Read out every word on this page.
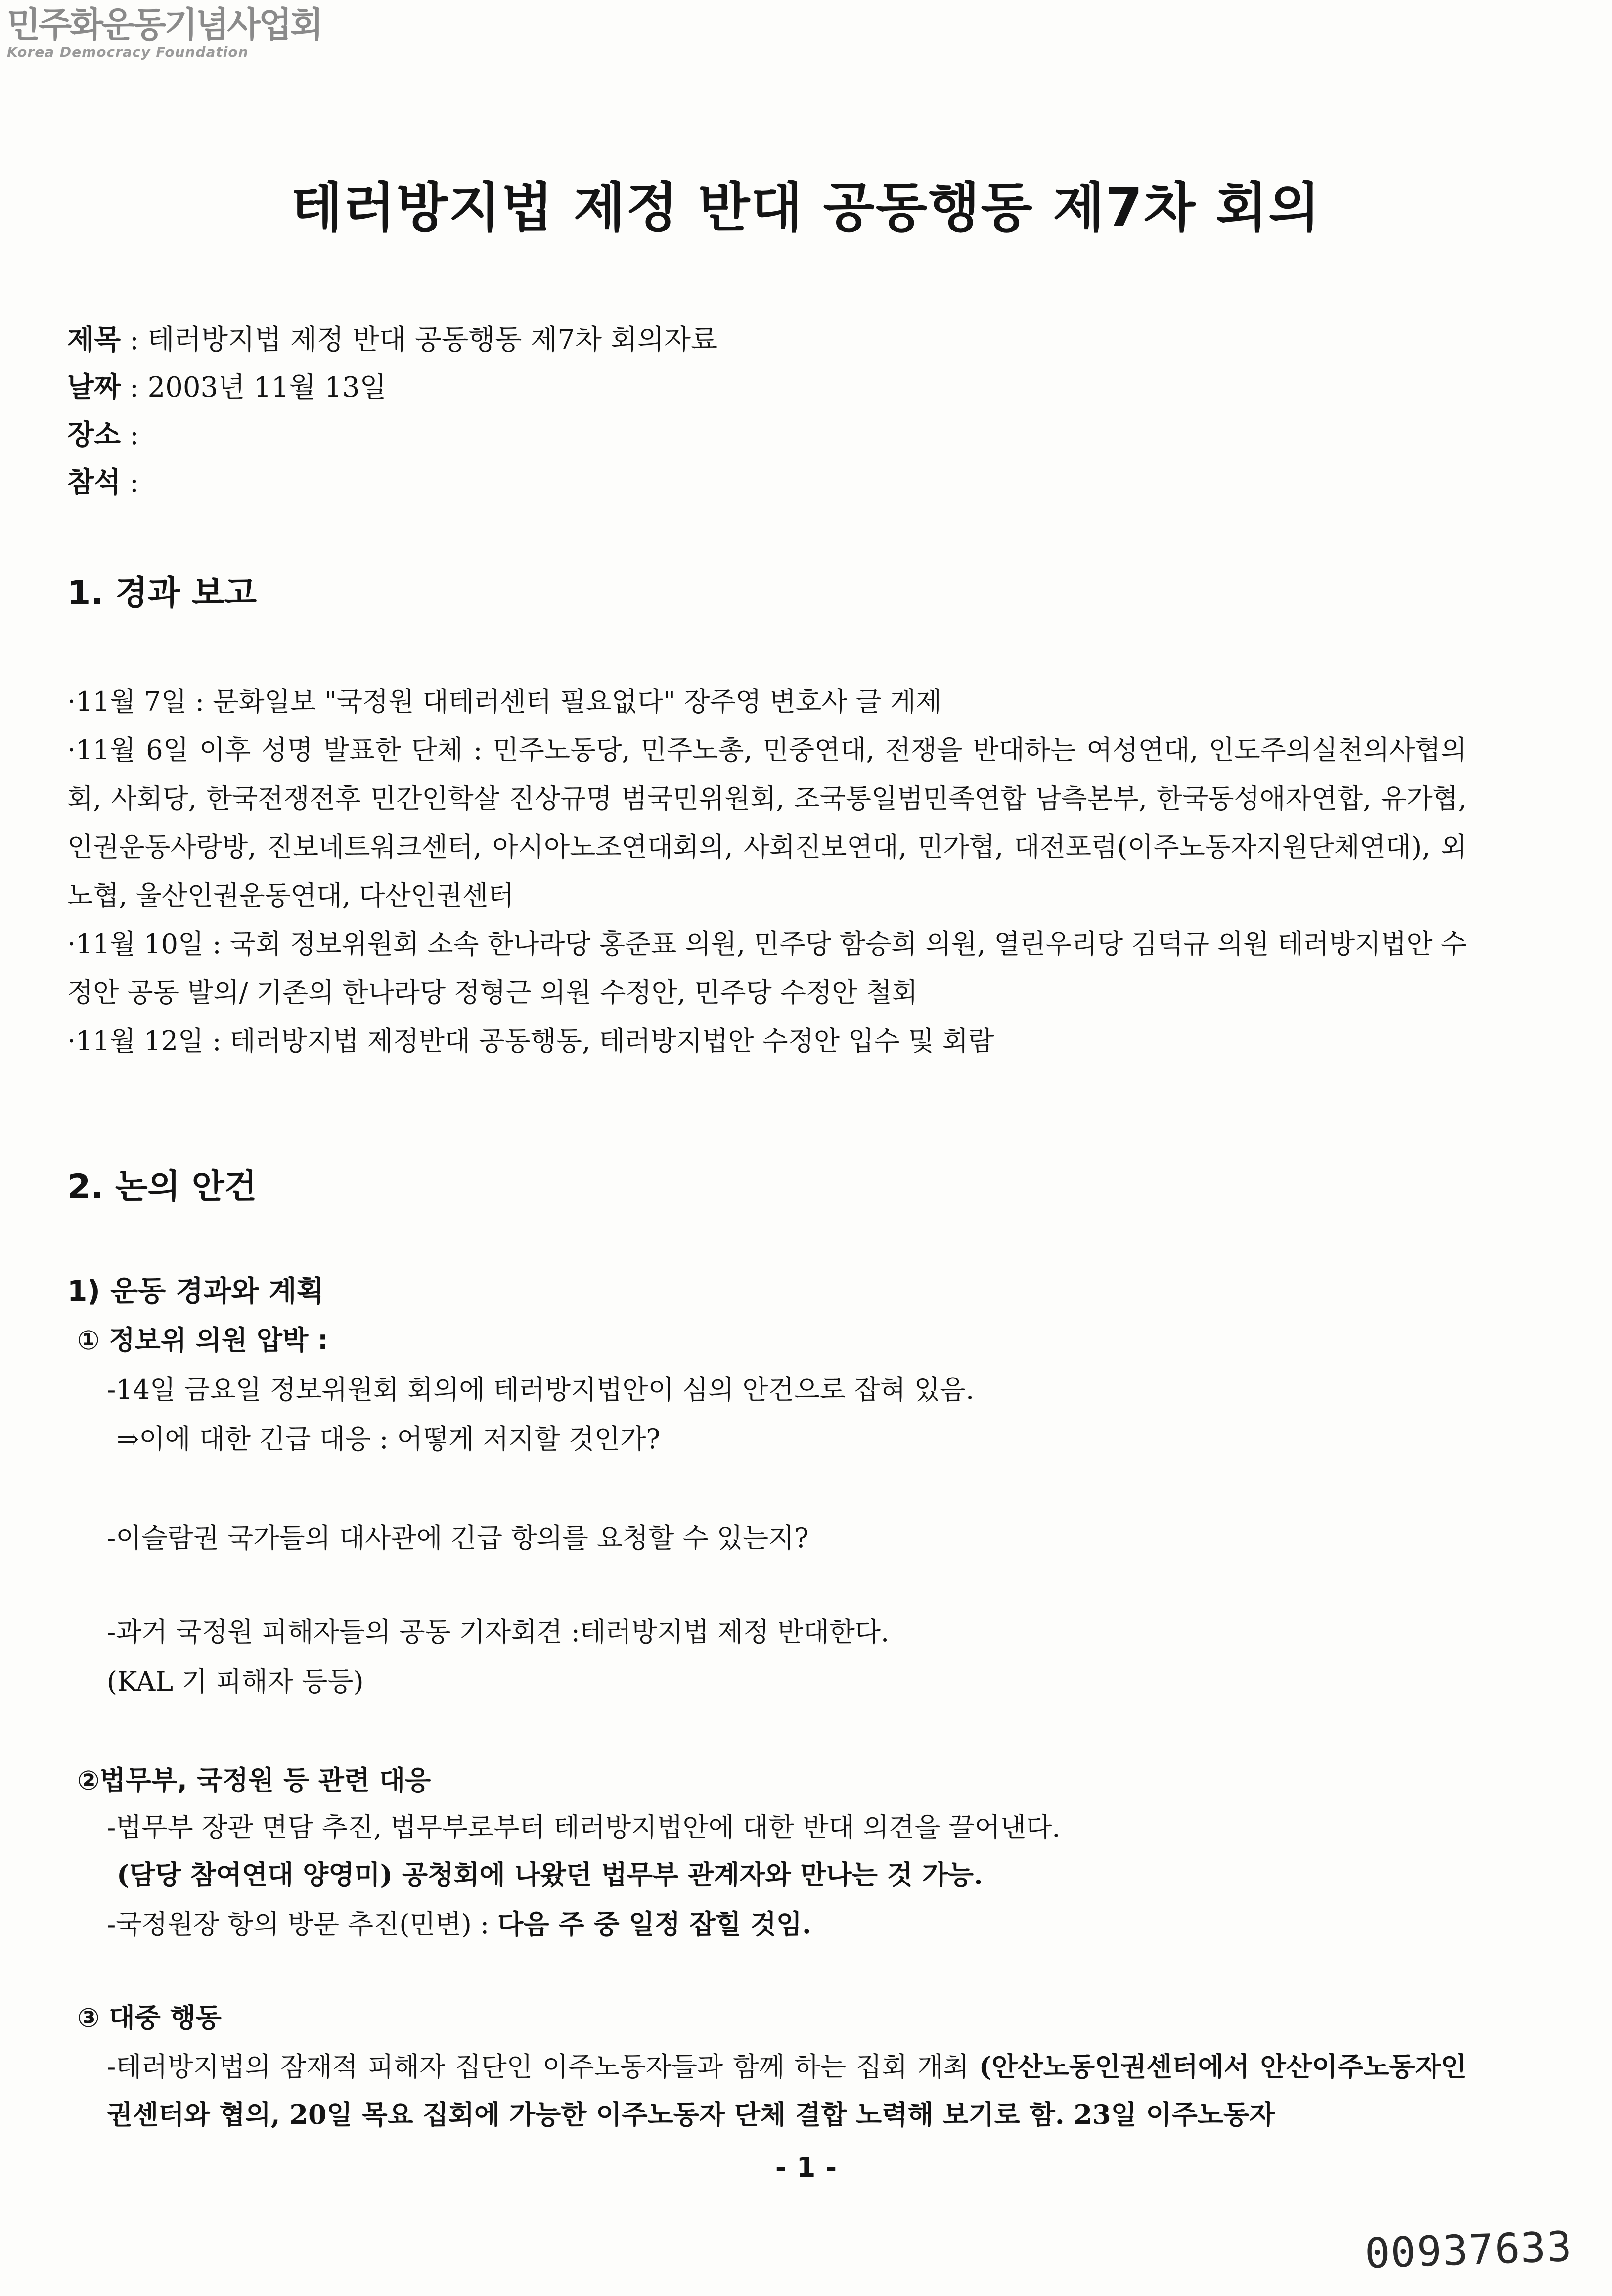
민주화운동기념사업회
Korea Democracy Foundation
테러방지법 제정 반대 공동행동 제7차 회의
제목 : 테러방지법 제정 반대 공동행동 제7차 회의자료
날짜 : 2003년 11월 13일
장소 :
참석 :
1. 경과 보고
·11월 7일 : 문화일보 "국정원 대테러센터 필요없다" 장주영 변호사 글 게제
·11월 6일 이후 성명 발표한 단체 : 민주노동당, 민주노총, 민중연대, 전쟁을 반대하는 여성연대, 인도주의실천의사협의회, 사회당, 한국전쟁전후 민간인학살 진상규명 범국민위원회, 조국통일범민족연합 남측본부, 한국동성애자연합, 유가협, 인권운동사랑방, 진보네트워크센터, 아시아노조연대회의, 사회진보연대, 민가협, 대전포럼(이주노동자지원단체연대), 외노협, 울산인권운동연대, 다산인권센터
·11월 10일 : 국회 정보위원회 소속 한나라당 홍준표 의원, 민주당 함승희 의원, 열린우리당 김덕규 의원 테러방지법안 수정안 공동 발의/ 기존의 한나라당 정형근 의원 수정안, 민주당 수정안 철회
·11월 12일 : 테러방지법 제정반대 공동행동, 테러방지법안 수정안 입수 및 회람
2. 논의 안건
1) 운동 경과와 계획
① 정보위 의원 압박 :
-14일 금요일 정보위원회 회의에 테러방지법안이 심의 안건으로 잡혀 있음.
⇒이에 대한 긴급 대응 : 어떻게 저지할 것인가?
-이슬람권 국가들의 대사관에 긴급 항의를 요청할 수 있는지?
-과거 국정원 피해자들의 공동 기자회견 :테러방지법 제정 반대한다.
(KAL 기 피해자 등등)
②법무부, 국정원 등 관련 대응
-법무부 장관 면담 추진, 법무부로부터 테러방지법안에 대한 반대 의견을 끌어낸다.
(담당 참여연대 양영미) 공청회에 나왔던 법무부 관계자와 만나는 것 가능.
-국정원장 항의 방문 추진(민변) : 다음 주 중 일정 잡힐 것임.
③ 대중 행동
-테러방지법의 잠재적 피해자 집단인 이주노동자들과 함께 하는 집회 개최 (안산노동인권센터에서 안산이주노동자인권센터와 협의, 20일 목요 집회에 가능한 이주노동자 단체 결합 노력해 보기로 함. 23일 이주노동자
- 1 -
00937633
